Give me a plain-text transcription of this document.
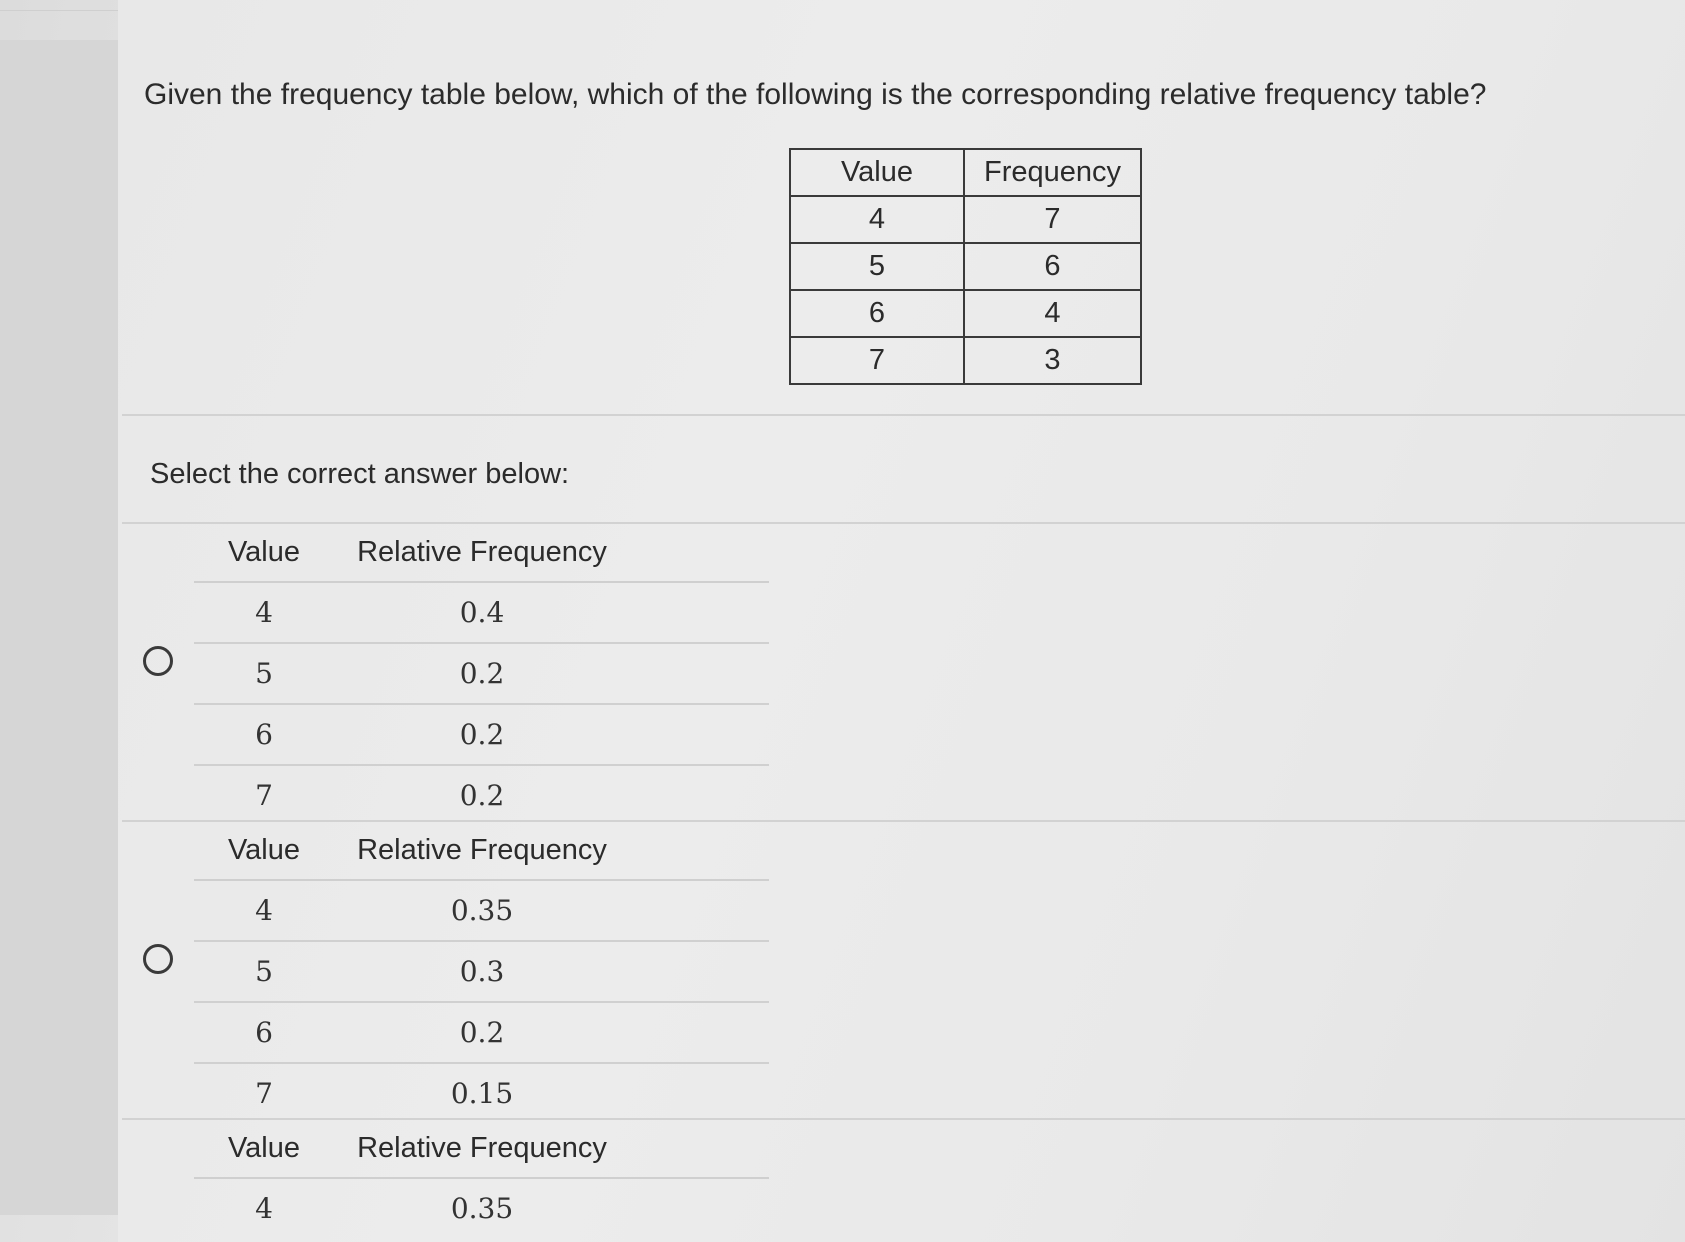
Given the frequency table below, which of the following is the corresponding relative frequency table?
Value	Frequency
4	7
5	6
6	4
7	3
Select the correct answer below:
Value	Relative Frequency
4	0.4
5	0.2
6	0.2
7	0.2
Value	Relative Frequency
4	0.35
5	0.3
6	0.2
7	0.15
Value	Relative Frequency
4	0.35
